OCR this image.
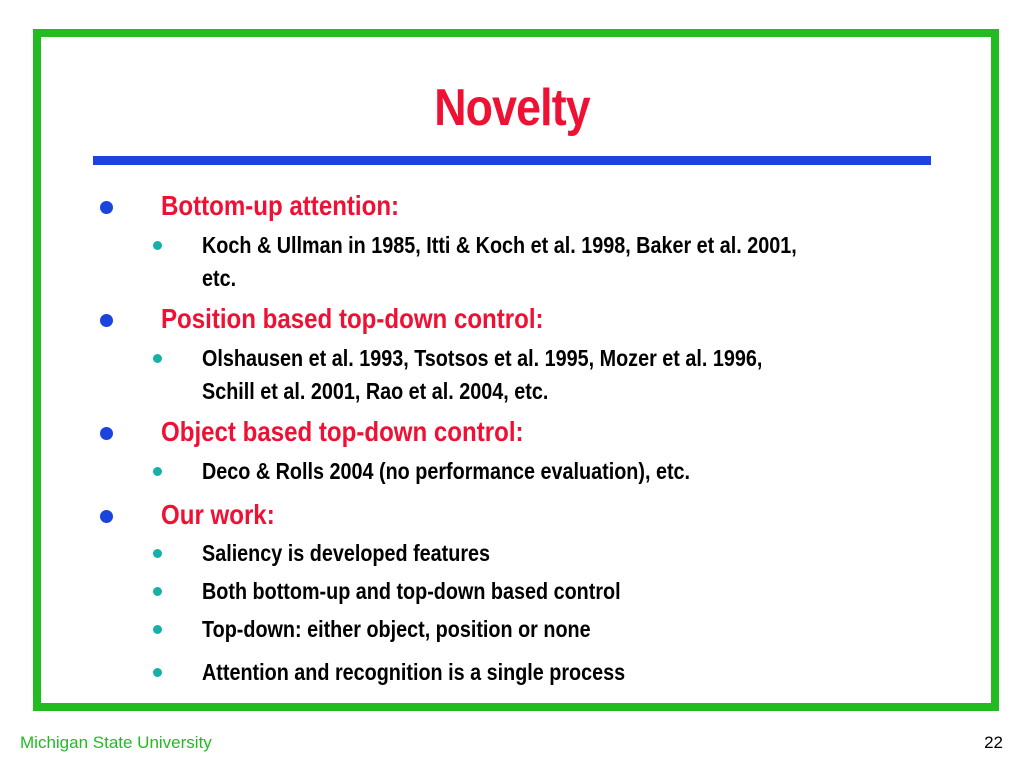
Novelty
Bottom-up attention:
Koch & Ullman in 1985, Itti & Koch et al. 1998, Baker et al. 2001,
etc.
Position based top-down control:
Olshausen et al. 1993, Tsotsos et al. 1995, Mozer et al. 1996,
Schill et al. 2001, Rao et al. 2004, etc.
Object based top-down control:
Deco & Rolls 2004 (no performance evaluation), etc.
Our work:
Saliency is developed features
Both bottom-up and top-down based control
Top-down: either object, position or none
Attention and recognition is a single process
Michigan State University	22
